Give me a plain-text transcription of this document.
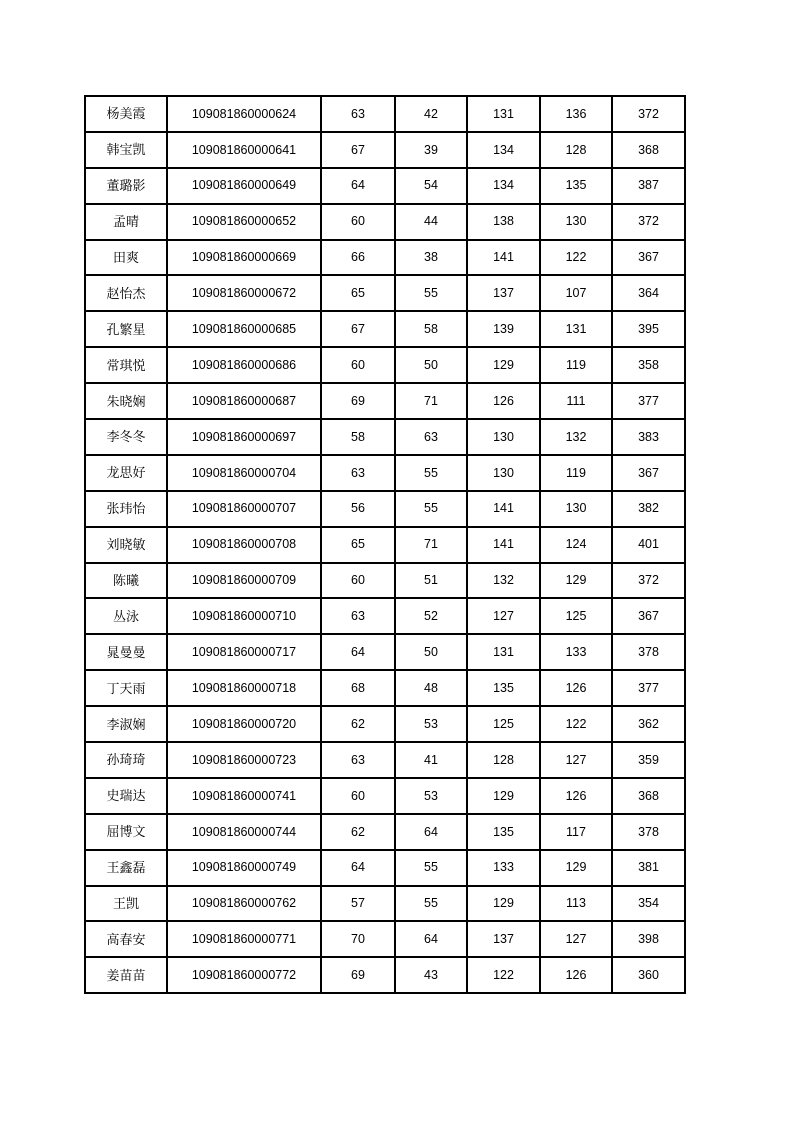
杨美霞	109081860000624	63	42	131	136	372
韩宝凯	109081860000641	67	39	134	128	368
董璐影	109081860000649	64	54	134	135	387
孟晴	109081860000652	60	44	138	130	372
田爽	109081860000669	66	38	141	122	367
赵怡杰	109081860000672	65	55	137	107	364
孔繁星	109081860000685	67	58	139	131	395
常琪悦	109081860000686	60	50	129	119	358
朱晓娴	109081860000687	69	71	126	111	377
李冬冬	109081860000697	58	63	130	132	383
龙思好	109081860000704	63	55	130	119	367
张玮怡	109081860000707	56	55	141	130	382
刘晓敏	109081860000708	65	71	141	124	401
陈曦	109081860000709	60	51	132	129	372
丛泳	109081860000710	63	52	127	125	367
晁曼曼	109081860000717	64	50	131	133	378
丁天雨	109081860000718	68	48	135	126	377
李淑娴	109081860000720	62	53	125	122	362
孙琦琦	109081860000723	63	41	128	127	359
史瑞达	109081860000741	60	53	129	126	368
屈博文	109081860000744	62	64	135	117	378
王鑫磊	109081860000749	64	55	133	129	381
王凯	109081860000762	57	55	129	113	354
高春安	109081860000771	70	64	137	127	398
姜苗苗	109081860000772	69	43	122	126	360
